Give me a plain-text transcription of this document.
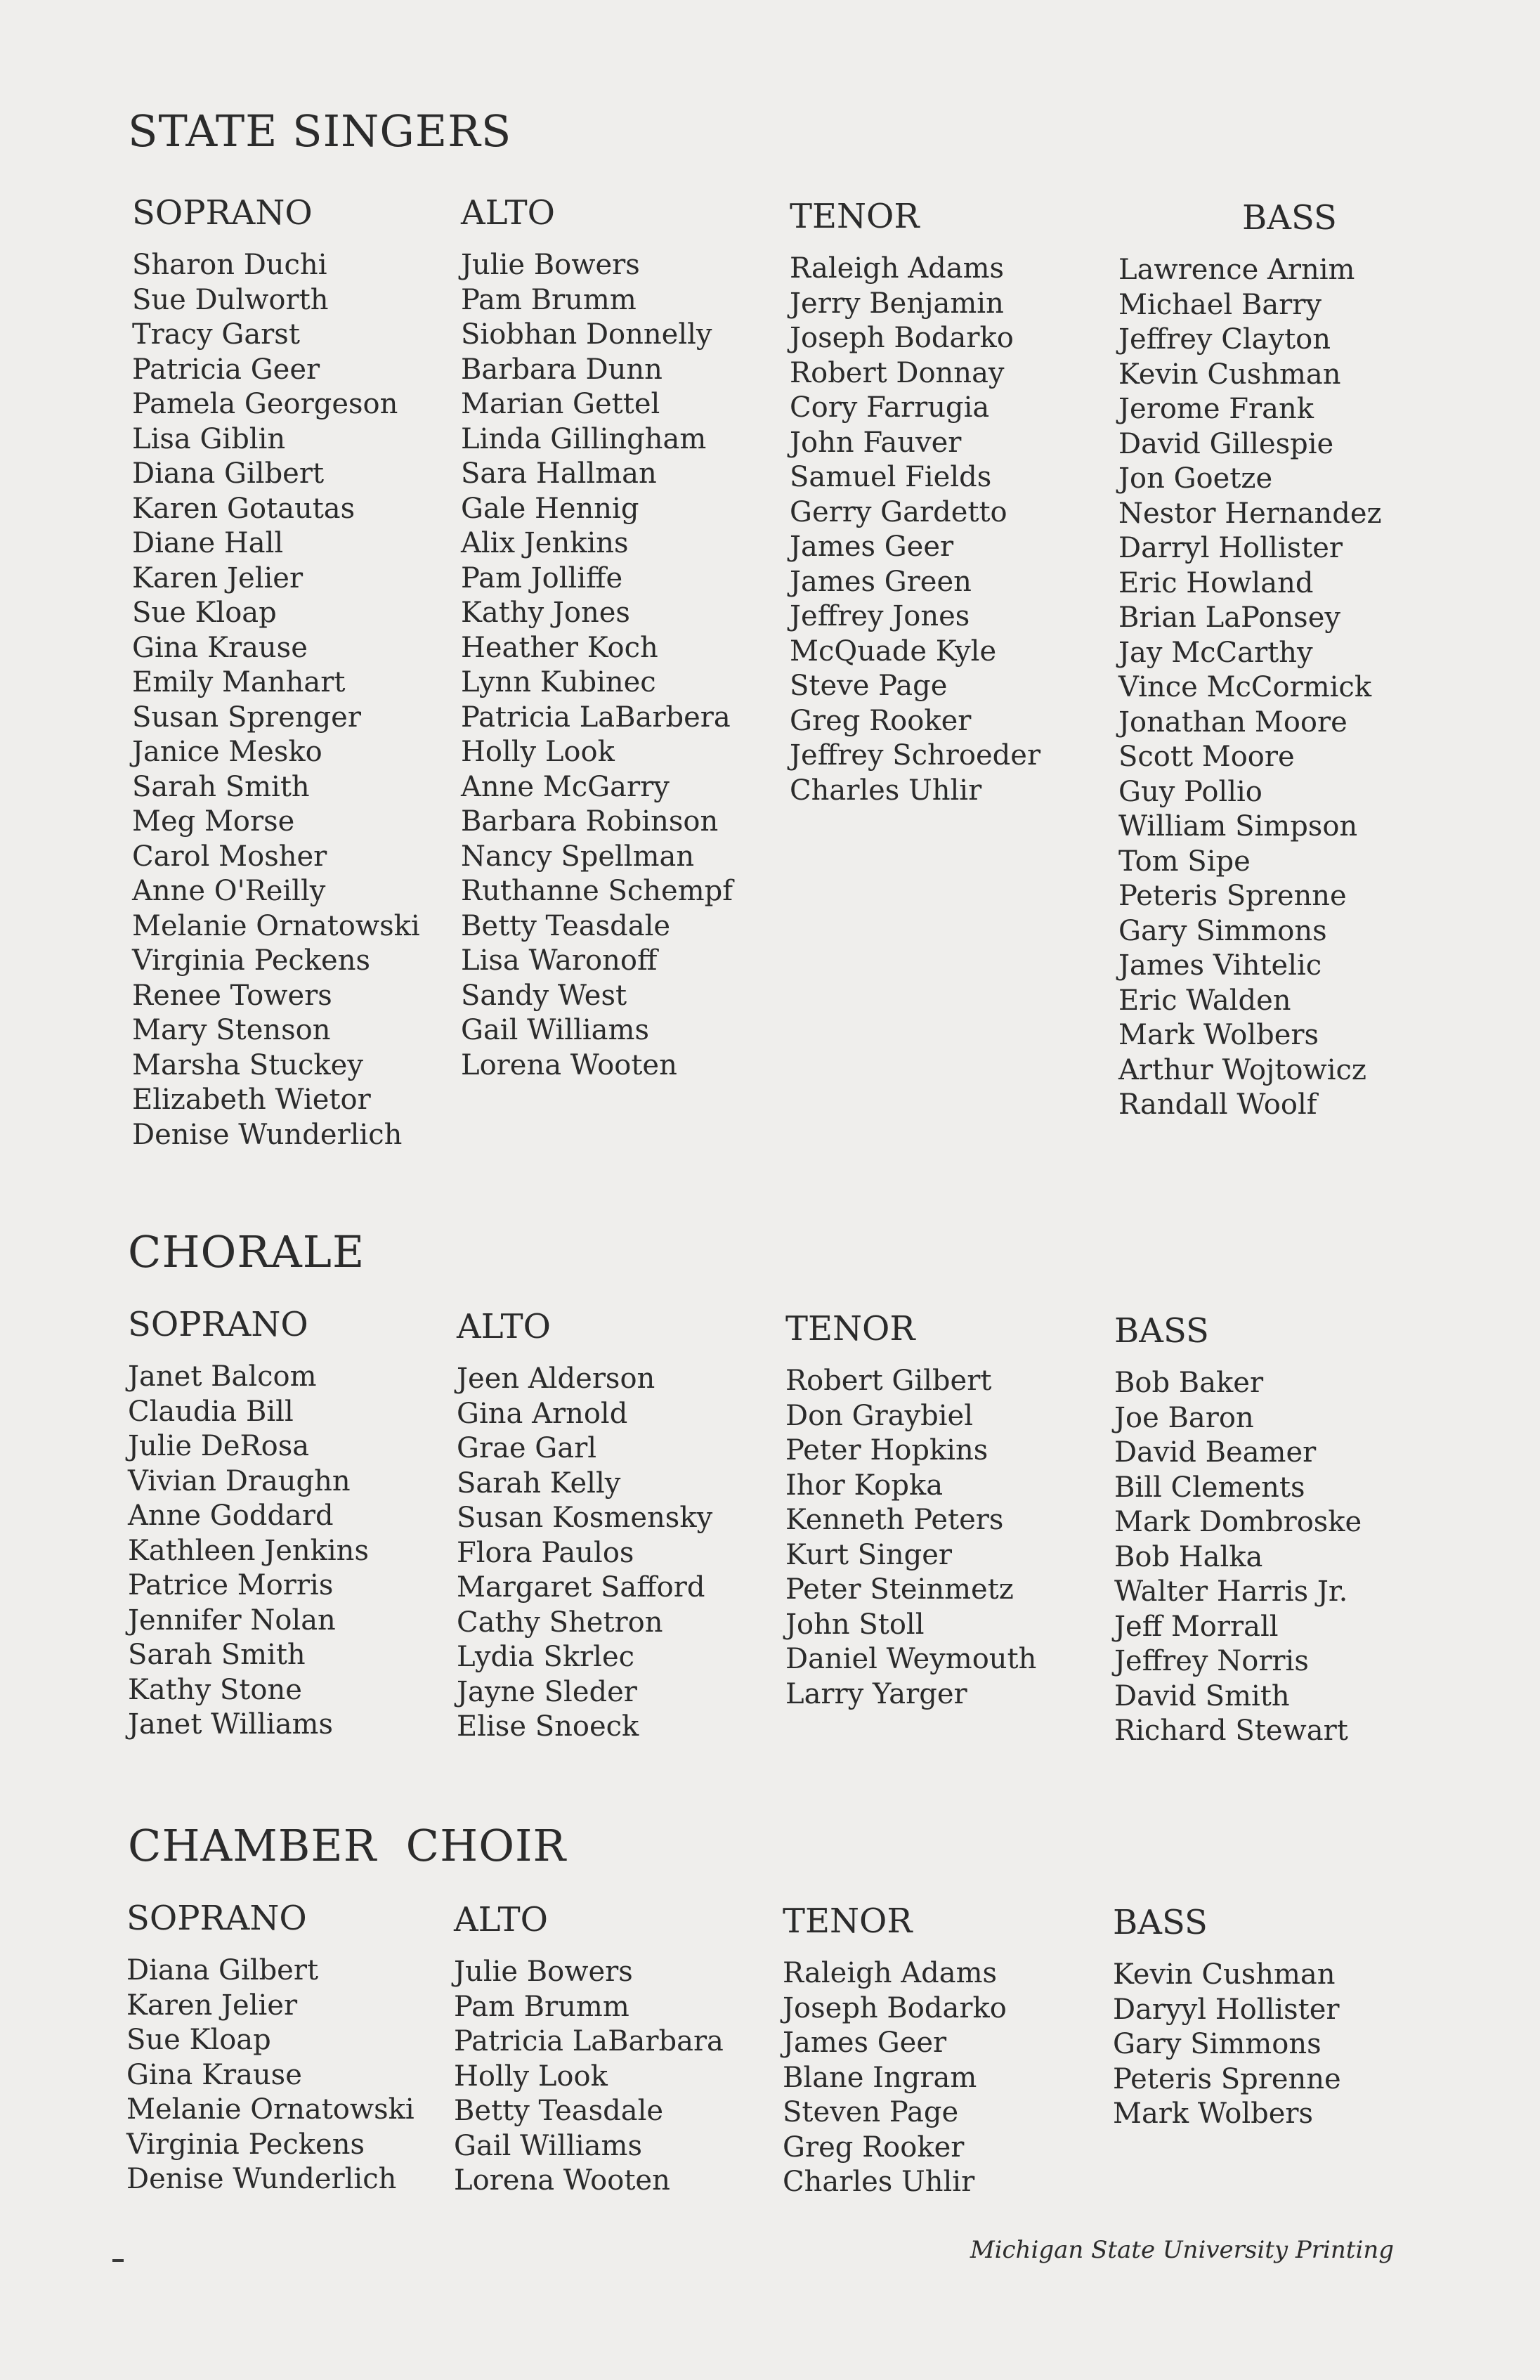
STATE SINGERS
SOPRANO
Sharon Duchi
Sue Dulworth
Tracy Garst
Patricia Geer
Pamela Georgeson
Lisa Giblin
Diana Gilbert
Karen Gotautas
Diane Hall
Karen Jelier
Sue Kloap
Gina Krause
Emily Manhart
Susan Sprenger
Janice Mesko
Sarah Smith
Meg Morse
Carol Mosher
Anne O'Reilly
Melanie Ornatowski
Virginia Peckens
Renee Towers
Mary Stenson
Marsha Stuckey
Elizabeth Wietor
Denise Wunderlich
ALTO
Julie Bowers
Pam Brumm
Siobhan Donnelly
Barbara Dunn
Marian Gettel
Linda Gillingham
Sara Hallman
Gale Hennig
Alix Jenkins
Pam Jolliffe
Kathy Jones
Heather Koch
Lynn Kubinec
Patricia LaBarbera
Holly Look
Anne McGarry
Barbara Robinson
Nancy Spellman
Ruthanne Schempf
Betty Teasdale
Lisa Waronoff
Sandy West
Gail Williams
Lorena Wooten
TENOR
Raleigh Adams
Jerry Benjamin
Joseph Bodarko
Robert Donnay
Cory Farrugia
John Fauver
Samuel Fields
Gerry Gardetto
James Geer
James Green
Jeffrey Jones
McQuade Kyle
Steve Page
Greg Rooker
Jeffrey Schroeder
Charles Uhlir
BASS
Lawrence Arnim
Michael Barry
Jeffrey Clayton
Kevin Cushman
Jerome Frank
David Gillespie
Jon Goetze
Nestor Hernandez
Darryl Hollister
Eric Howland
Brian LaPonsey
Jay McCarthy
Vince McCormick
Jonathan Moore
Scott Moore
Guy Pollio
William Simpson
Tom Sipe
Peteris Sprenne
Gary Simmons
James Vihtelic
Eric Walden
Mark Wolbers
Arthur Wojtowicz
Randall Woolf
CHORALE
SOPRANO
Janet Balcom
Claudia Bill
Julie DeRosa
Vivian Draughn
Anne Goddard
Kathleen Jenkins
Patrice Morris
Jennifer Nolan
Sarah Smith
Kathy Stone
Janet Williams
ALTO
Jeen Alderson
Gina Arnold
Grae Garl
Sarah Kelly
Susan Kosmensky
Flora Paulos
Margaret Safford
Cathy Shetron
Lydia Skrlec
Jayne Sleder
Elise Snoeck
TENOR
Robert Gilbert
Don Graybiel
Peter Hopkins
Ihor Kopka
Kenneth Peters
Kurt Singer
Peter Steinmetz
John Stoll
Daniel Weymouth
Larry Yarger
BASS
Bob Baker
Joe Baron
David Beamer
Bill Clements
Mark Dombroske
Bob Halka
Walter Harris Jr.
Jeff Morrall
Jeffrey Norris
David Smith
Richard Stewart
CHAMBER  CHOIR
SOPRANO
Diana Gilbert
Karen Jelier
Sue Kloap
Gina Krause
Melanie Ornatowski
Virginia Peckens
Denise Wunderlich
ALTO
Julie Bowers
Pam Brumm
Patricia LaBarbara
Holly Look
Betty Teasdale
Gail Williams
Lorena Wooten
TENOR
Raleigh Adams
Joseph Bodarko
James Geer
Blane Ingram
Steven Page
Greg Rooker
Charles Uhlir
BASS
Kevin Cushman
Daryyl Hollister
Gary Simmons
Peteris Sprenne
Mark Wolbers
Michigan State University Printing
